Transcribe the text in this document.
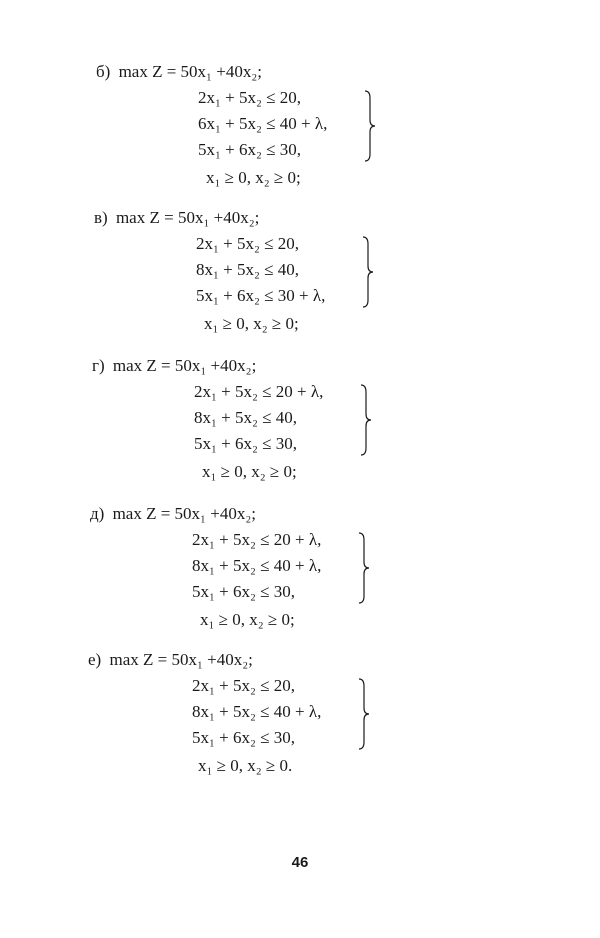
б) max Z = 50x₁ +40x₂;
2x₁ + 5x₂ ≤ 20,
6x₁ + 5x₂ ≤ 40 + λ,
5x₁ + 6x₂ ≤ 30,
x₁ ≥ 0, x₂ ≥ 0;
в) max Z = 50x₁ +40x₂;
2x₁ + 5x₂ ≤ 20,
8x₁ + 5x₂ ≤ 40,
5x₁ + 6x₂ ≤ 30 + λ,
x₁ ≥ 0, x₂ ≥ 0;
г) max Z = 50x₁ +40x₂;
2x₁ + 5x₂ ≤ 20 + λ,
8x₁ + 5x₂ ≤ 40,
5x₁ + 6x₂ ≤ 30,
x₁ ≥ 0, x₂ ≥ 0;
д) max Z = 50x₁ +40x₂;
2x₁ + 5x₂ ≤ 20 + λ,
8x₁ + 5x₂ ≤ 40 + λ,
5x₁ + 6x₂ ≤ 30,
x₁ ≥ 0, x₂ ≥ 0;
е) max Z = 50x₁ +40x₂;
2x₁ + 5x₂ ≤ 20,
8x₁ + 5x₂ ≤ 40 + λ,
5x₁ + 6x₂ ≤ 30,
x₁ ≥ 0, x₂ ≥ 0.
46
